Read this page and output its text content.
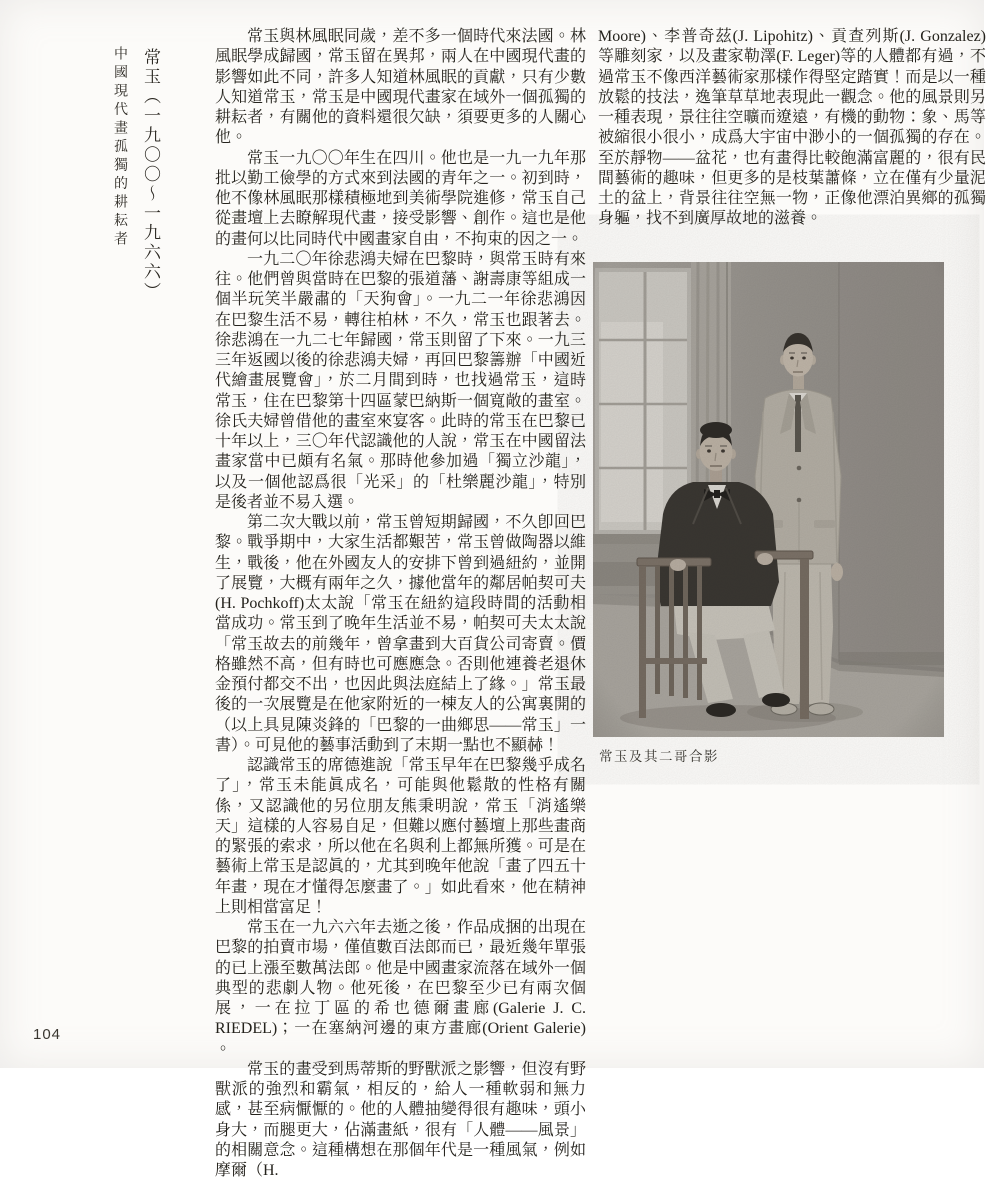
常玉（一九〇〇～一九六六）
中國現代畫孤獨的耕耘者

常玉與林風眠同歲，差不多一個時代來法國。林風眠學成歸國，常玉留在異邦，兩人在中國現代畫的影響如此不同，許多人知道林風眠的貢獻，只有少數人知道常玉，常玉是中國現代畫家在域外一個孤獨的耕耘者，有關他的資料還很欠缺，須要更多的人關心他。

常玉一九〇〇年生在四川。他也是一九一九年那批以勤工儉學的方式來到法國的青年之一。初到時，他不像林風眠那樣積極地到美術學院進修，常玉自己從畫壇上去瞭解現代畫，接受影響、創作。這也是他的畫何以比同時代中國畫家自由，不拘束的因之一。

一九二〇年徐悲鴻夫婦在巴黎時，與常玉時有來往。他們曾與當時在巴黎的張道藩、謝壽康等組成一個半玩笑半嚴肅的「天狗會」。一九二一年徐悲鴻因在巴黎生活不易，轉往柏林，不久，常玉也跟著去。徐悲鴻在一九二七年歸國，常玉則留了下來。一九三三年返國以後的徐悲鴻夫婦，再回巴黎籌辦「中國近代繪畫展覽會」，於二月間到時，也找過常玉，這時常玉，住在巴黎第十四區蒙巴納斯一個寬敞的畫室。徐氏夫婦曾借他的畫室來宴客。此時的常玉在巴黎已十年以上，三〇年代認識他的人說，常玉在中國留法畫家當中已頗有名氣。那時他參加過「獨立沙龍」，以及一個他認爲很「光采」的「杜樂麗沙龍」，特別是後者並不易入選。

第二次大戰以前，常玉曾短期歸國，不久卽回巴黎。戰爭期中，大家生活都艱苦，常玉曾做陶器以維生，戰後，他在外國友人的安排下曾到過紐約，並開了展覽，大概有兩年之久，據他當年的鄰居帕契可夫(H. Pochkoff)太太說「常玉在紐約這段時間的活動相當成功。常玉到了晚年生活並不易，帕契可夫太太說「常玉故去的前幾年，曾拿畫到大百貨公司寄賣。價格雖然不高，但有時也可應應急。否則他連養老退休金預付都交不出，也因此與法庭結上了緣。」常玉最後的一次展覽是在他家附近的一棟友人的公寓裏開的（以上具見陳炎鋒的「巴黎的一曲鄉思——常玉」一書）。可見他的藝事活動到了末期一點也不顯赫！

認識常玉的席德進說「常玉早年在巴黎幾乎成名了」，常玉未能眞成名，可能與他鬆散的性格有關係，又認識他的另位朋友熊秉明說，常玉「消遙樂天」這樣的人容易自足，但難以應付藝壇上那些畫商的緊張的索求，所以他在名與利上都無所獲。可是在藝術上常玉是認眞的，尤其到晚年他說「畫了四五十年畫，現在才懂得怎麼畫了。」如此看來，他在精神上則相當富足！

常玉在一九六六年去逝之後，作品成捆的出現在巴黎的拍賣市場，僅值數百法郎而已，最近幾年單張的已上漲至數萬法郎。他是中國畫家流落在域外一個典型的悲劇人物。他死後，在巴黎至少已有兩次個展，一在拉丁區的希也德爾畫廊(Galerie J. C. RIEDEL)；一在塞納河邊的東方畫廊(Orient Galerie) 。

常玉的畫受到馬蒂斯的野獸派之影響，但沒有野獸派的強烈和霸氣，相反的，給人一種軟弱和無力感，甚至病懨懨的。他的人體抽變得很有趣味，頭小身大，而腿更大，佔滿畫紙，很有「人體——風景」的相關意念。這種構想在那個年代是一種風氣，例如摩爾（H.

Moore)、李普奇茲(J. Lipohitz)、貢查列斯(J. Gonzalez)等雕刻家，以及畫家勒澤(F. Leger)等的人體都有過，不過常玉不像西洋藝術家那樣作得堅定踏實！而是以一種放鬆的技法，逸筆草草地表現此一觀念。他的風景則另一種表現，景往往空曠而遼遠，有機的動物：象、馬等被縮很小很小，成爲大宇宙中渺小的一個孤獨的存在。至於靜物——盆花，也有畫得比較飽滿富麗的，很有民間藝術的趣味，但更多的是枝葉蕭條，立在僅有少量泥土的盆上，背景往往空無一物，正像他漂泊異鄉的孤獨身軀，找不到廣厚故地的滋養。

常玉及其二哥合影
104
